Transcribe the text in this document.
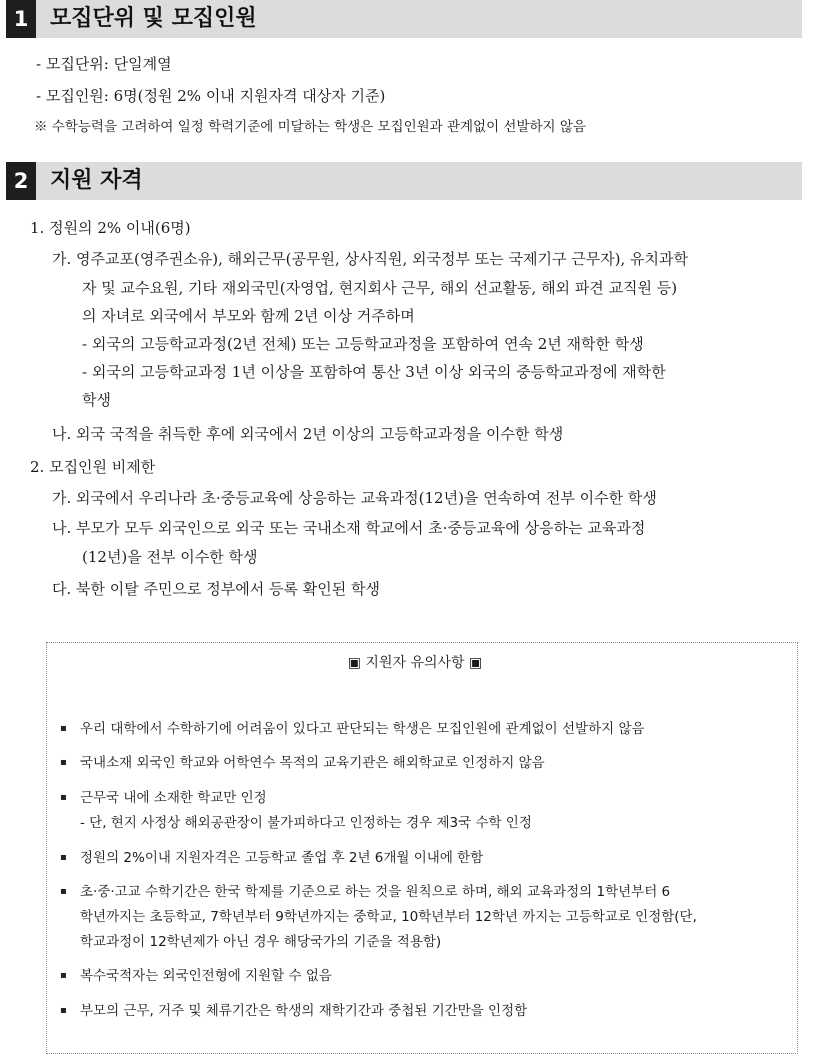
1 모집단위 및 모집인원
- 모집단위: 단일계열
- 모집인원: 6명(정원 2% 이내 지원자격 대상자 기준)
※ 수학능력을 고려하여 일정 학력기준에 미달하는 학생은 모집인원과 관계없이 선발하지 않음
2 지원 자격
1. 정원의 2% 이내(6명)
가. 영주교포(영주권소유), 해외근무(공무원, 상사직원, 외국정부 또는 국제기구 근무자), 유치과학
자 및 교수요원, 기타 재외국민(자영업, 현지회사 근무, 해외 선교활동, 해외 파견 교직원 등)
의 자녀로 외국에서 부모와 함께 2년 이상 거주하며
- 외국의 고등학교과정(2년 전체) 또는 고등학교과정을 포함하여 연속 2년 재학한 학생
- 외국의 고등학교과정 1년 이상을 포함하여 통산 3년 이상 외국의 중등학교과정에 재학한
학생
나. 외국 국적을 취득한 후에 외국에서 2년 이상의 고등학교과정을 이수한 학생
2. 모집인원 비제한
가. 외국에서 우리나라 초·중등교육에 상응하는 교육과정(12년)을 연속하여 전부 이수한 학생
나. 부모가 모두 외국인으로 외국 또는 국내소재 학교에서 초·중등교육에 상응하는 교육과정
(12년)을 전부 이수한 학생
다. 북한 이탈 주민으로 정부에서 등록 확인된 학생
▣ 지원자 유의사항 ▣
▪ 우리 대학에서 수학하기에 어려움이 있다고 판단되는 학생은 모집인원에 관계없이 선발하지 않음
▪ 국내소재 외국인 학교와 어학연수 목적의 교육기관은 해외학교로 인정하지 않음
▪ 근무국 내에 소재한 학교만 인정
- 단, 현지 사정상 해외공관장이 불가피하다고 인정하는 경우 제3국 수학 인정
▪ 정원의 2%이내 지원자격은 고등학교 졸업 후 2년 6개월 이내에 한함
▪ 초·중·고교 수학기간은 한국 학제를 기준으로 하는 것을 원칙으로 하며, 해외 교육과정의 1학년부터 6
학년까지는 초등학교, 7학년부터 9학년까지는 중학교, 10학년부터 12학년 까지는 고등학교로 인정함(단,
학교과정이 12학년제가 아닌 경우 해당국가의 기준을 적용함)
▪ 복수국적자는 외국인전형에 지원할 수 없음
▪ 부모의 근무, 거주 및 체류기간은 학생의 재학기간과 중첩된 기간만을 인정함
